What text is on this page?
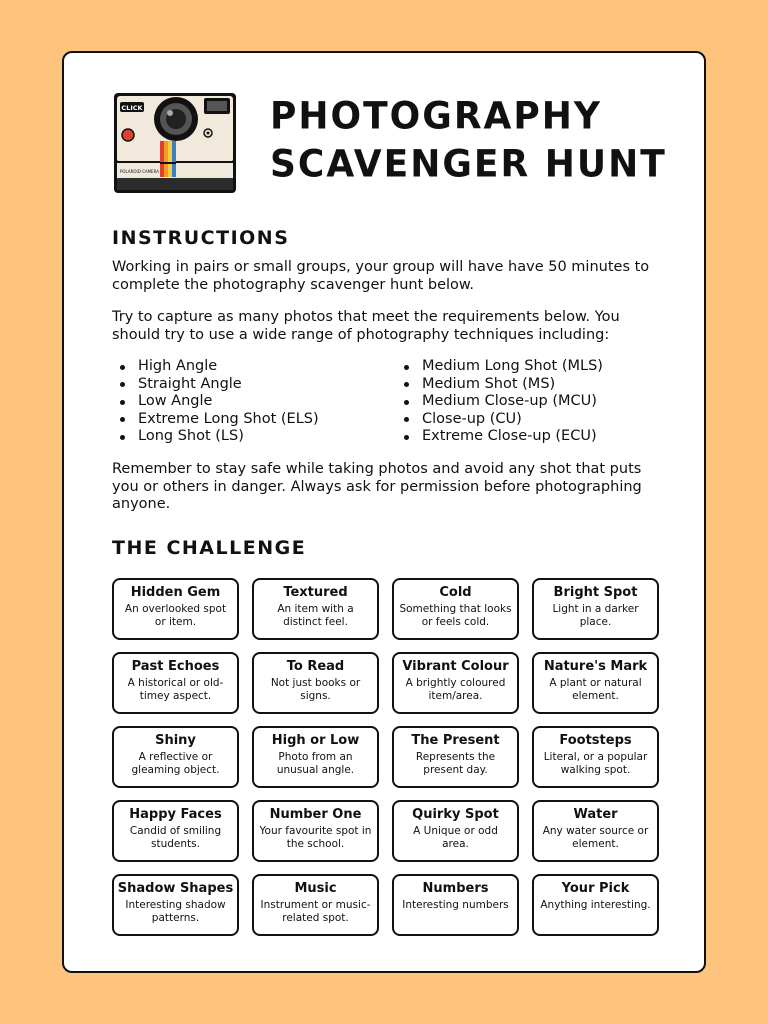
CLICK
POLAROID CAMERA
PHOTOGRAPHY
SCAVENGER HUNT
INSTRUCTIONS

Working in pairs or small groups, your group will have have 50 minutes to complete the photography scavenger hunt below.

Try to capture as many photos that meet the requirements below. You should try to use a wide range of photography techniques including:

High Angle
Straight Angle
Low Angle
Extreme Long Shot (ELS)
Long Shot (LS)
Medium Long Shot (MLS)
Medium Shot (MS)
Medium Close-up (MCU)
Close-up (CU)
Extreme Close-up (ECU)

Remember to stay safe while taking photos and avoid any shot that puts you or others in danger. Always ask for permission before photographing anyone.

THE CHALLENGE
Hidden Gem
An overlooked spot or item.
Textured
An item with a distinct feel.
Cold
Something that looks or feels cold.
Bright Spot
Light in a darker place.
Past Echoes
A historical or old-timey aspect.
To Read
Not just books or signs.
Vibrant Colour
A brightly coloured item/area.
Nature's Mark
A plant or natural element.
Shiny
A reflective or gleaming object.
High or Low
Photo from an unusual angle.
The Present
Represents the present day.
Footsteps
Literal, or a popular walking spot.
Happy Faces
Candid of smiling students.
Number One
Your favourite spot in the school.
Quirky Spot
A Unique or odd area.
Water
Any water source or element.
Shadow Shapes
Interesting shadow patterns.
Music
Instrument or music-related spot.
Numbers
Interesting numbers
Your Pick
Anything interesting.
